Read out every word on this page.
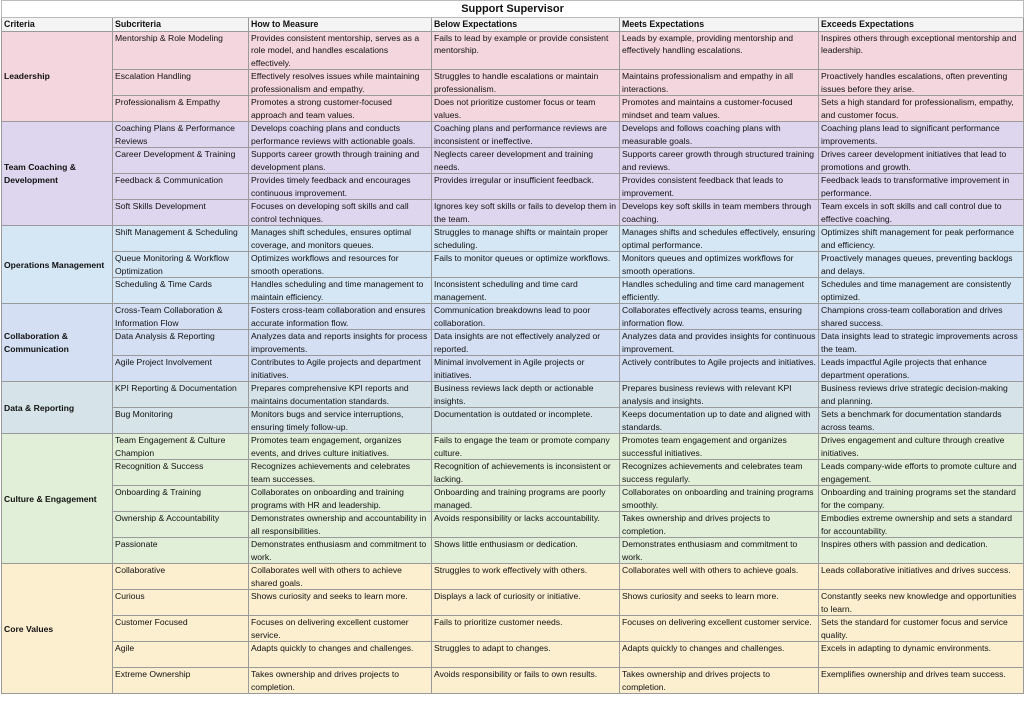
Support Supervisor					
Criteria	Subcriteria	How to Measure	Below Expectations	Meets Expectations	Exceeds Expectations
Leadership	Mentorship & Role Modeling	Provides consistent mentorship, serves as a role model, and handles escalations effectively.	Fails to lead by example or provide consistent mentorship.	Leads by example, providing mentorship and effectively handling escalations.	Inspires others through exceptional mentorship and leadership.
	Escalation Handling	Effectively resolves issues while maintaining professionalism and empathy.	Struggles to handle escalations or maintain professionalism.	Maintains professionalism and empathy in all interactions.	Proactively handles escalations, often preventing issues before they arise.
	Professionalism & Empathy	Promotes a strong customer-focused approach and team values.	Does not prioritize customer focus or team values.	Promotes and maintains a customer-focused mindset and team values.	Sets a high standard for professionalism, empathy, and customer focus.
Team Coaching & Development	Coaching Plans & Performance Reviews	Develops coaching plans and conducts performance reviews with actionable goals.	Coaching plans and performance reviews are inconsistent or ineffective.	Develops and follows coaching plans with measurable goals.	Coaching plans lead to significant performance improvements.
	Career Development & Training	Supports career growth through training and development plans.	Neglects career development and training needs.	Supports career growth through structured training and reviews.	Drives career development initiatives that lead to promotions and growth.
	Feedback & Communication	Provides timely feedback and encourages continuous improvement.	Provides irregular or insufficient feedback.	Provides consistent feedback that leads to improvement.	Feedback leads to transformative improvement in performance.
	Soft Skills Development	Focuses on developing soft skills and call control techniques.	Ignores key soft skills or fails to develop them in the team.	Develops key soft skills in team members through coaching.	Team excels in soft skills and call control due to effective coaching.
Operations Management	Shift Management & Scheduling	Manages shift schedules, ensures optimal coverage, and monitors queues.	Struggles to manage shifts or maintain proper scheduling.	Manages shifts and schedules effectively, ensuring optimal performance.	Optimizes shift management for peak performance and efficiency.
	Queue Monitoring & Workflow Optimization	Optimizes workflows and resources for smooth operations.	Fails to monitor queues or optimize workflows.	Monitors queues and optimizes workflows for smooth operations.	Proactively manages queues, preventing backlogs and delays.
	Scheduling & Time Cards	Handles scheduling and time management to maintain efficiency.	Inconsistent scheduling and time card management.	Handles scheduling and time card management efficiently.	Schedules and time management are consistently optimized.
Collaboration & Communication	Cross-Team Collaboration & Information Flow	Fosters cross-team collaboration and ensures accurate information flow.	Communication breakdowns lead to poor collaboration.	Collaborates effectively across teams, ensuring information flow.	Champions cross-team collaboration and drives shared success.
	Data Analysis & Reporting	Analyzes data and reports insights for process improvements.	Data insights are not effectively analyzed or reported.	Analyzes data and provides insights for continuous improvement.	Data insights lead to strategic improvements across the team.
	Agile Project Involvement	Contributes to Agile projects and department initiatives.	Minimal involvement in Agile projects or initiatives.	Actively contributes to Agile projects and initiatives.	Leads impactful Agile projects that enhance department operations.
Data & Reporting	KPI Reporting & Documentation	Prepares comprehensive KPI reports and maintains documentation standards.	Business reviews lack depth or actionable insights.	Prepares business reviews with relevant KPI analysis and insights.	Business reviews drive strategic decision-making and planning.
	Bug Monitoring	Monitors bugs and service interruptions, ensuring timely follow-up.	Documentation is outdated or incomplete.	Keeps documentation up to date and aligned with standards.	Sets a benchmark for documentation standards across teams.
Culture & Engagement	Team Engagement & Culture Champion	Promotes team engagement, organizes events, and drives culture initiatives.	Fails to engage the team or promote company culture.	Promotes team engagement and organizes successful initiatives.	Drives engagement and culture through creative initiatives.
	Recognition & Success	Recognizes achievements and celebrates team successes.	Recognition of achievements is inconsistent or lacking.	Recognizes achievements and celebrates team success regularly.	Leads company-wide efforts to promote culture and engagement.
	Onboarding & Training	Collaborates on onboarding and training programs with HR and leadership.	Onboarding and training programs are poorly managed.	Collaborates on onboarding and training programs smoothly.	Onboarding and training programs set the standard for the company.
	Ownership & Accountability	Demonstrates ownership and accountability in all responsibilities.	Avoids responsibility or lacks accountability.	Takes ownership and drives projects to completion.	Embodies extreme ownership and sets a standard for accountability.
	Passionate	Demonstrates enthusiasm and commitment to work.	Shows little enthusiasm or dedication.	Demonstrates enthusiasm and commitment to work.	Inspires others with passion and dedication.
Core Values	Collaborative	Collaborates well with others to achieve shared goals.	Struggles to work effectively with others.	Collaborates well with others to achieve goals.	Leads collaborative initiatives and drives success.
	Curious	Shows curiosity and seeks to learn more.	Displays a lack of curiosity or initiative.	Shows curiosity and seeks to learn more.	Constantly seeks new knowledge and opportunities to learn.
	Customer Focused	Focuses on delivering excellent customer service.	Fails to prioritize customer needs.	Focuses on delivering excellent customer service.	Sets the standard for customer focus and service quality.
	Agile	Adapts quickly to changes and challenges.	Struggles to adapt to changes.	Adapts quickly to changes and challenges.	Excels in adapting to dynamic environments.
	Extreme Ownership	Takes ownership and drives projects to completion.	Avoids responsibility or fails to own results.	Takes ownership and drives projects to completion.	Exemplifies ownership and drives team success.
